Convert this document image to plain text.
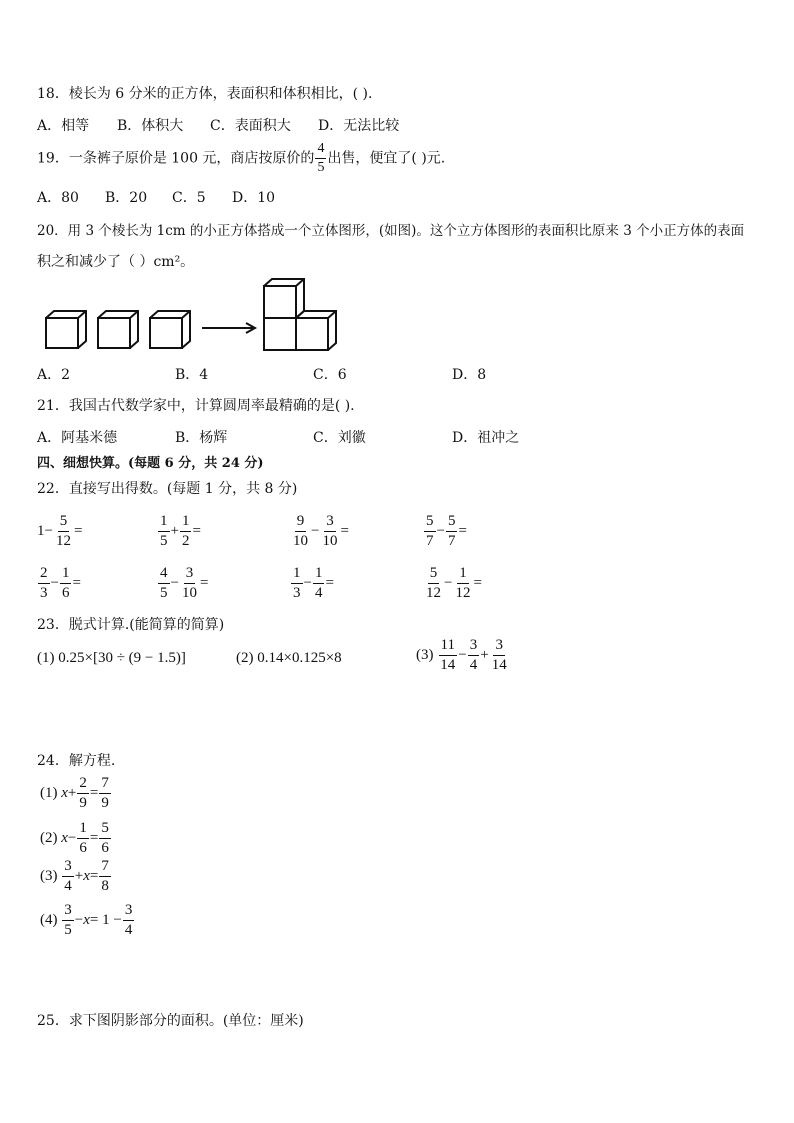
18．棱长为 6 分米的正方体，表面积和体积相比，( ).
A．相等 B．体积大 C．表面积大 D．无法比较
19．一条裤子原价是 100 元，商店按原价的 $\frac{4}{5}$ 出售，便宜了( )元.
A．80 B．20 C．5 D．10
20．用 3 个棱长为 1cm 的小正方体搭成一个立体图形，(如图)。这个立方体图形的表面积比原来 3 个小正方体的表面
积之和减少了（ ）cm²。
A．2	B．4	C．6	D．8
21．我国古代数学家中，计算圆周率最精确的是( ).
A．阿基米德	B．杨辉	C．刘徽	D．祖冲之
四、细想快算。(每题 6 分，共 24 分)
22．直接写出得数。(每题 1 分，共 8 分)
$1- \frac{5}{12}$ =	$\frac{1}{5} + \frac{1}{2}$ =	$\frac{9}{10} - \frac{3}{10}$ =	$\frac{5}{7} - \frac{5}{7}$ =
$\frac{2}{3} - \frac{1}{6}$ =	$\frac{4}{5} - \frac{3}{10}$ =	$\frac{1}{3} - \frac{1}{4}$ =	$\frac{5}{12} - \frac{1}{12}$ =
23．脱式计算.(能简算的简算)
(1) 0.25×[30 ÷ (9 − 1.5)]	(2) 0.14×0.125×8	$(3) \frac{11}{14} - \frac{3}{4} + \frac{3}{14}$
24．解方程.
(1) $x+ \frac{2}{9} = \frac{7}{9}$
(2) $x- \frac{1}{6} = \frac{5}{6}$
$(3) \frac{3}{4} +x= \frac{7}{8}$
$(4) \frac{3}{5} -x= 1 - \frac{3}{4}$
25．求下图阴影部分的面积。(单位：厘米)
